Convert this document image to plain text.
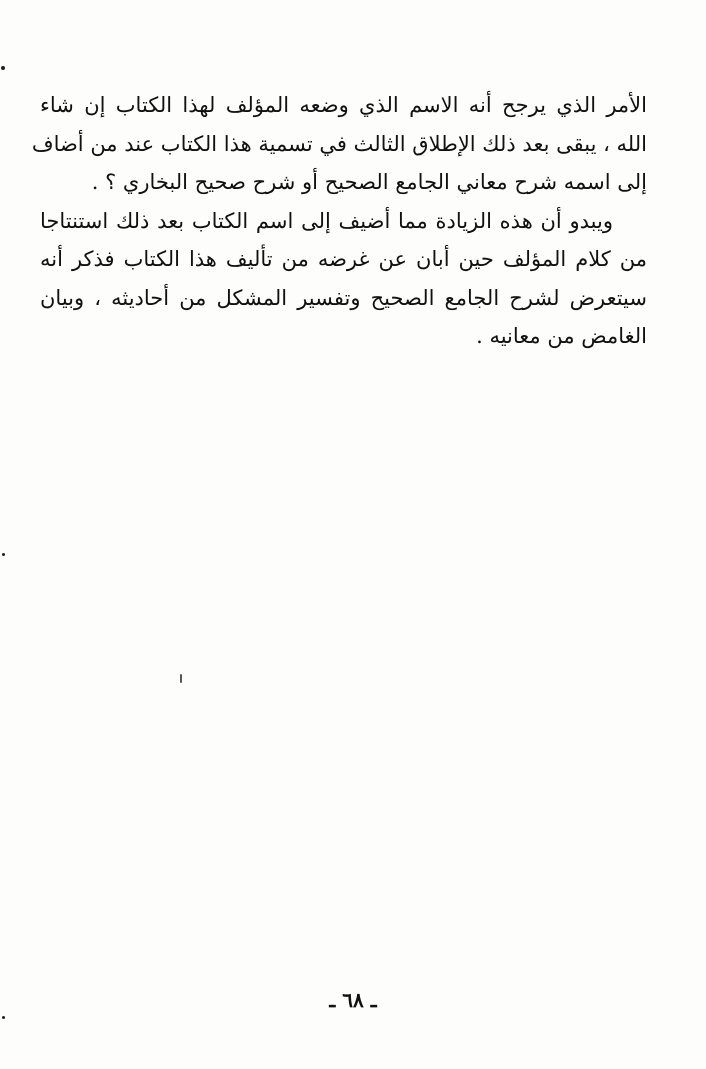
الأمر الذي يرجح أنه الاسم الذي وضعه المؤلف لهذا الكتاب إن شاء
الله ، يبقى بعد ذلك الإطلاق الثالث في تسمية هذا الكتاب عند من أضاف
إلى اسمه شرح معاني الجامع الصحيح أو شرح صحيح البخاري ؟ .

ويبدو أن هذه الزيادة مما أضيف إلى اسم الكتاب بعد ذلك استنتاجا
من كلام المؤلف حين أبان عن غرضه من تأليف هذا الكتاب فذكر أنه
سيتعرض لشرح الجامع الصحيح وتفسير المشكل من أحاديثه ، وبيان
الغامض من معانيه .

ـ ٦٨ ـ
